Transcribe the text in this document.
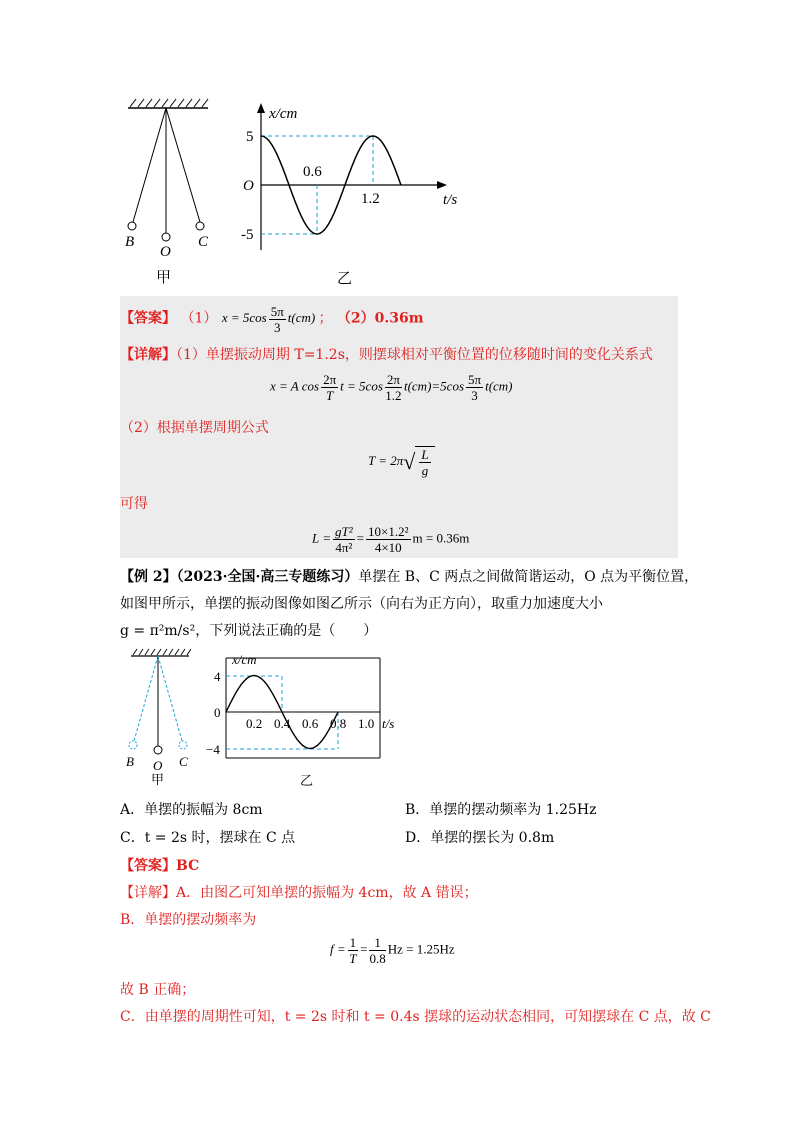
B
O
C
甲
x/cm
t/s
O
5
-5
0.6
1.2
乙
【答案】 （1） $x = 5\cos \frac{5\pi}{3} t(cm)$ ； （2）0.36m
【详解】（1）单摆振动周期 T=1.2s，则摆球相对平衡位置的位移随时间的变化关系式
x = A $\cos \frac{2\pi}{T}$ $t = 5\cos \frac{2\pi}{1.2} t(cm)=5\cos \frac{5\pi}{3} t(cm)$
（2）根据单摆周期公式
$T = 2\pi√ \frac{L}{g}$
可得
$L = \frac{\text{gT²}}{\text{4π²}} = \frac{\text{10×1.2²}}{4\times 10}$ m = 0.36m
【例 2】（2023·全国·高三专题练习）单摆在 B、C 两点之间做简谐运动，O 点为平衡位置，
如图甲所示，单摆的振动图像如图乙所示（向右为正方向），取重力加速度大小
g = π²m/s²，下列说法正确的是（　　）
B O C
甲
x/cm
t/s
4
0
−4
0.2 0.4 0.6 0.8 1.0
乙
A．单摆的振幅为 8cm	B．单摆的摆动频率为 1.25Hz
C．t = 2s 时，摆球在 C 点	D．单摆的摆长为 0.8m
【答案】BC
【详解】A．由图乙可知单摆的振幅为 4cm，故 A 错误；
B．单摆的摆动频率为
$f = \frac{1}{T} = \frac{1}{0.8}$ Hz = 1.25Hz
故 B 正确；
C．由单摆的周期性可知，t = 2s 时和 t = 0.4s 摆球的运动状态相同，可知摆球在 C 点，故 C
